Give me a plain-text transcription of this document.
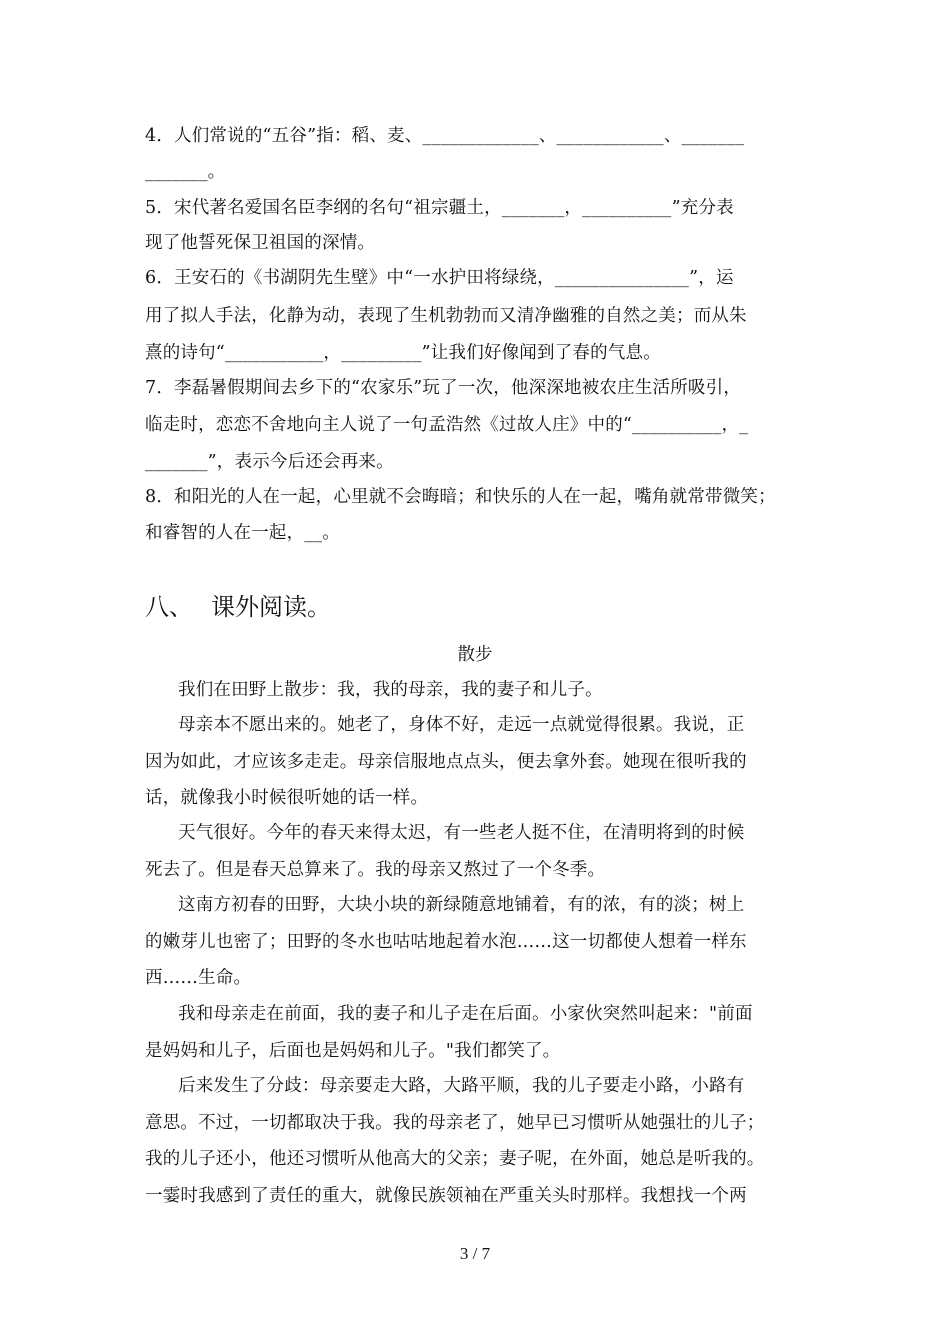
4．人们常说的“五谷”指：稻、麦、_____________、____________、_______
_______。
5．宋代著名爱国名臣李纲的名句“祖宗疆土，_______，__________”充分表
现了他誓死保卫祖国的深情。
6．王安石的《书湖阴先生壁》中“一水护田将绿绕，_______________”，运
用了拟人手法，化静为动，表现了生机勃勃而又清净幽雅的自然之美；而从朱
熹的诗句“___________，_________”让我们好像闻到了春的气息。
7．李磊暑假期间去乡下的“农家乐”玩了一次，他深深地被农庄生活所吸引，
临走时，恋恋不舍地向主人说了一句孟浩然《过故人庄》中的“__________，_
_______”，表示今后还会再来。
8．和阳光的人在一起，心里就不会晦暗；和快乐的人在一起，嘴角就常带微笑；
和睿智的人在一起，__。
八、 课外阅读。
散步
我们在田野上散步：我，我的母亲，我的妻子和儿子。
母亲本不愿出来的。她老了，身体不好，走远一点就觉得很累。我说，正
因为如此，才应该多走走。母亲信服地点点头，便去拿外套。她现在很听我的
话，就像我小时候很听她的话一样。
天气很好。今年的春天来得太迟，有一些老人挺不住，在清明将到的时候
死去了。但是春天总算来了。我的母亲又熬过了一个冬季。
这南方初春的田野，大块小块的新绿随意地铺着，有的浓，有的淡；树上
的嫩芽儿也密了；田野的冬水也咕咕地起着水泡……这一切都使人想着一样东
西……生命。
我和母亲走在前面，我的妻子和儿子走在后面。小家伙突然叫起来："前面
是妈妈和儿子，后面也是妈妈和儿子。"我们都笑了。
后来发生了分歧：母亲要走大路，大路平顺，我的儿子要走小路，小路有
意思。不过，一切都取决于我。我的母亲老了，她早已习惯听从她强壮的儿子；
我的儿子还小，他还习惯听从他高大的父亲；妻子呢，在外面，她总是听我的。
一霎时我感到了责任的重大，就像民族领袖在严重关头时那样。我想找一个两
3 / 7
